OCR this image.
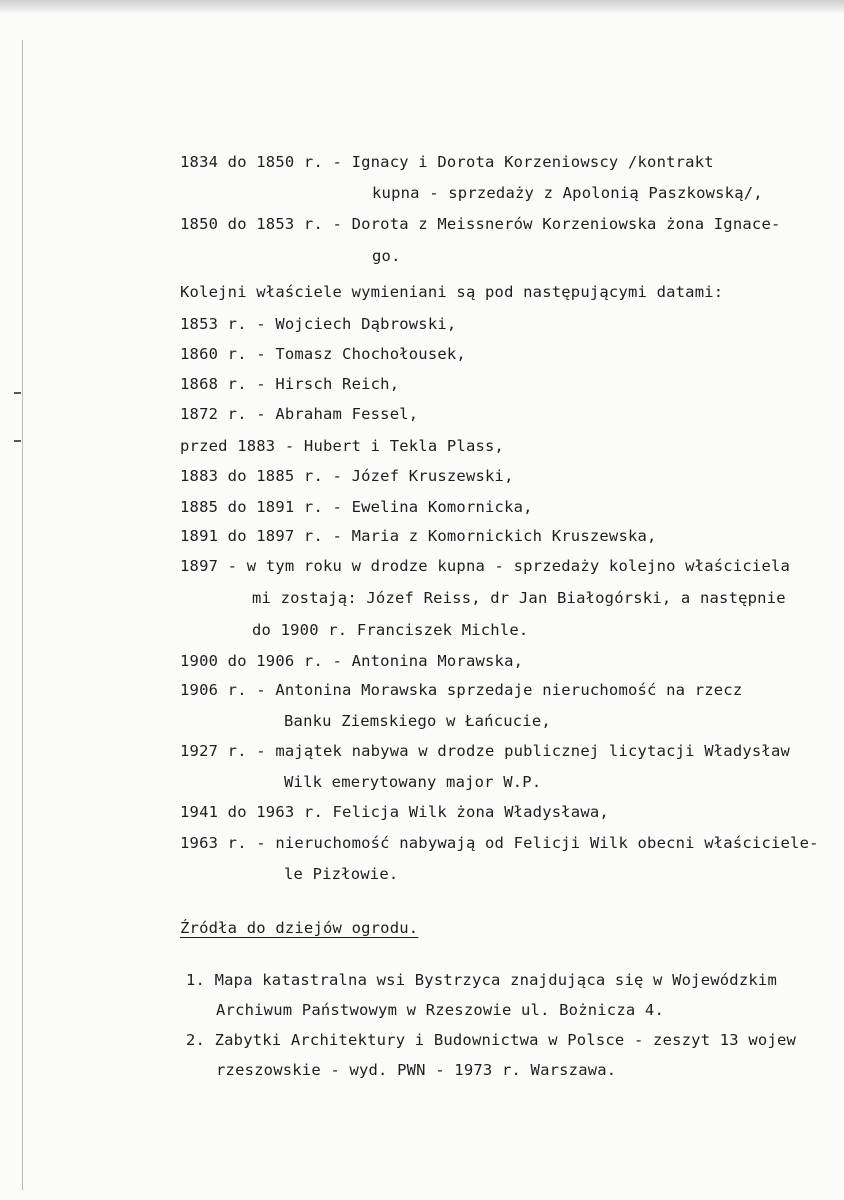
1834 do 1850 r. - Ignacy i Dorota Korzeniowscy /kontrakt
kupna - sprzedaży z Apolonią Paszkowską/,
1850 do 1853 r. - Dorota z Meissnerów Korzeniowska żona Ignace-
go.
Kolejni właściele wymieniani są pod następującymi datami:
1853 r. - Wojciech Dąbrowski,
1860 r. - Tomasz Chochołousek,
1868 r. - Hirsch Reich,
1872 r. - Abraham Fessel,
przed 1883 - Hubert i Tekla Plass,
1883 do 1885 r. - Józef Kruszewski,
1885 do 1891 r. - Ewelina Komornicka,
1891 do 1897 r. - Maria z Komornickich Kruszewska,
1897 - w tym roku w drodze kupna - sprzedaży kolejno właściciela
mi zostają: Józef Reiss, dr Jan Białogórski, a następnie
do 1900 r. Franciszek Michle.
1900 do 1906 r. - Antonina Morawska,
1906 r. - Antonina Morawska sprzedaje nieruchomość na rzecz
Banku Ziemskiego w Łańcucie,
1927 r. - majątek nabywa w drodze publicznej licytacji Władysław
Wilk emerytowany major W.P.
1941 do 1963 r. Felicja Wilk żona Władysława,
1963 r. - nieruchomość nabywają od Felicji Wilk obecni właściciele-
le Pizłowie.
Źródła do dziejów ogrodu.
1. Mapa katastralna wsi Bystrzyca znajdująca się w Wojewódzkim
Archiwum Państwowym w Rzeszowie ul. Bożnicza 4.
2. Zabytki Architektury i Budownictwa w Polsce - zeszyt 13 wojew
rzeszowskie - wyd. PWN - 1973 r. Warszawa.
